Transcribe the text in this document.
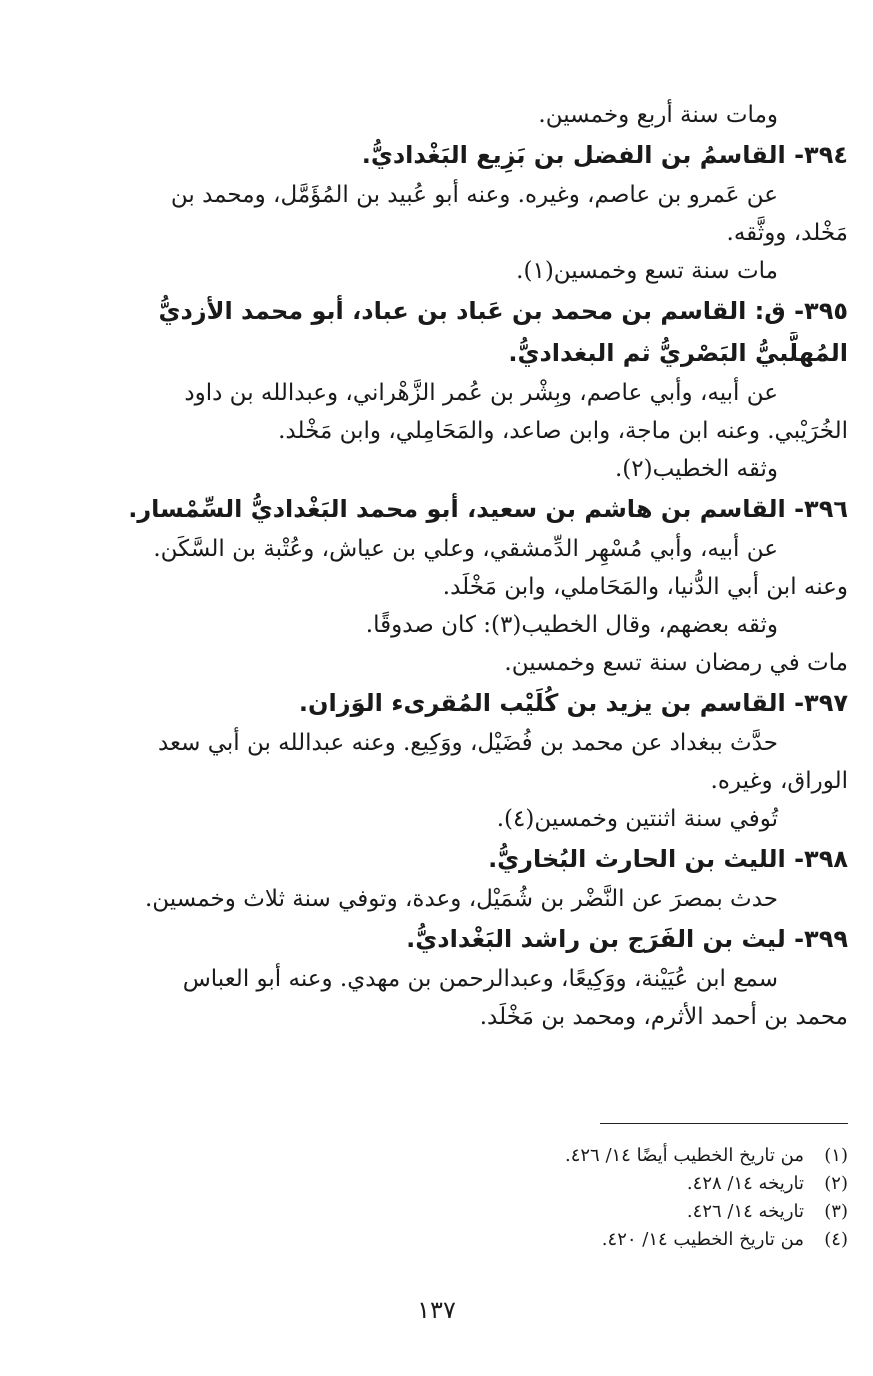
ومات سنة أربع وخمسين.
٣٩٤- القاسمُ بن الفضل بن بَزِيع البَغْداديُّ.
عن عَمرو بن عاصم، وغيره. وعنه أبو عُبيد بن المُؤَمَّل، ومحمد بن
مَخْلد، ووثَّقه.
مات سنة تسع وخمسين(١).
٣٩٥- ق: القاسم بن محمد بن عَباد بن عباد، أبو محمد الأزديُّ
المُهلَّبيُّ البَصْريُّ ثم البغداديُّ.
عن أبيه، وأبي عاصم، وبِشْر بن عُمر الزَّهْراني، وعبدالله بن داود
الخُرَيْبي. وعنه ابن ماجة، وابن صاعد، والمَحَامِلي، وابن مَخْلد.
وثقه الخطيب(٢).
٣٩٦- القاسم بن هاشم بن سعيد، أبو محمد البَغْداديُّ السِّمْسار.
عن أبيه، وأبي مُسْهِر الدِّمشقي، وعلي بن عياش، وعُتْبة بن السَّكَن.
وعنه ابن أبي الدُّنيا، والمَحَاملي، وابن مَخْلَد.
وثقه بعضهم، وقال الخطيب(٣): كان صدوقًا.
مات في رمضان سنة تسع وخمسين.
٣٩٧- القاسم بن يزيد بن كُلَيْب المُقرىء الوَزان.
حدَّث ببغداد عن محمد بن فُضَيْل، ووَكِيع. وعنه عبدالله بن أبي سعد
الوراق، وغيره.
تُوفي سنة اثنتين وخمسين(٤).
٣٩٨- الليث بن الحارث البُخاريُّ.
حدث بمصرَ عن النَّضْر بن شُمَيْل، وعدة، وتوفي سنة ثلاث وخمسين.
٣٩٩- ليث بن الفَرَج بن راشد البَغْداديُّ.
سمع ابن عُيَيْنة، ووَكِيعًا، وعبدالرحمن بن مهدي. وعنه أبو العباس
محمد بن أحمد الأثرم، ومحمد بن مَخْلَد.
(١)من تاريخ الخطيب أيضًا ١٤/ ٤٢٦.
(٢)تاريخه ١٤/ ٤٢٨.
(٣)تاريخه ١٤/ ٤٢٦.
(٤)من تاريخ الخطيب ١٤/ ٤٢٠.
١٣٧
